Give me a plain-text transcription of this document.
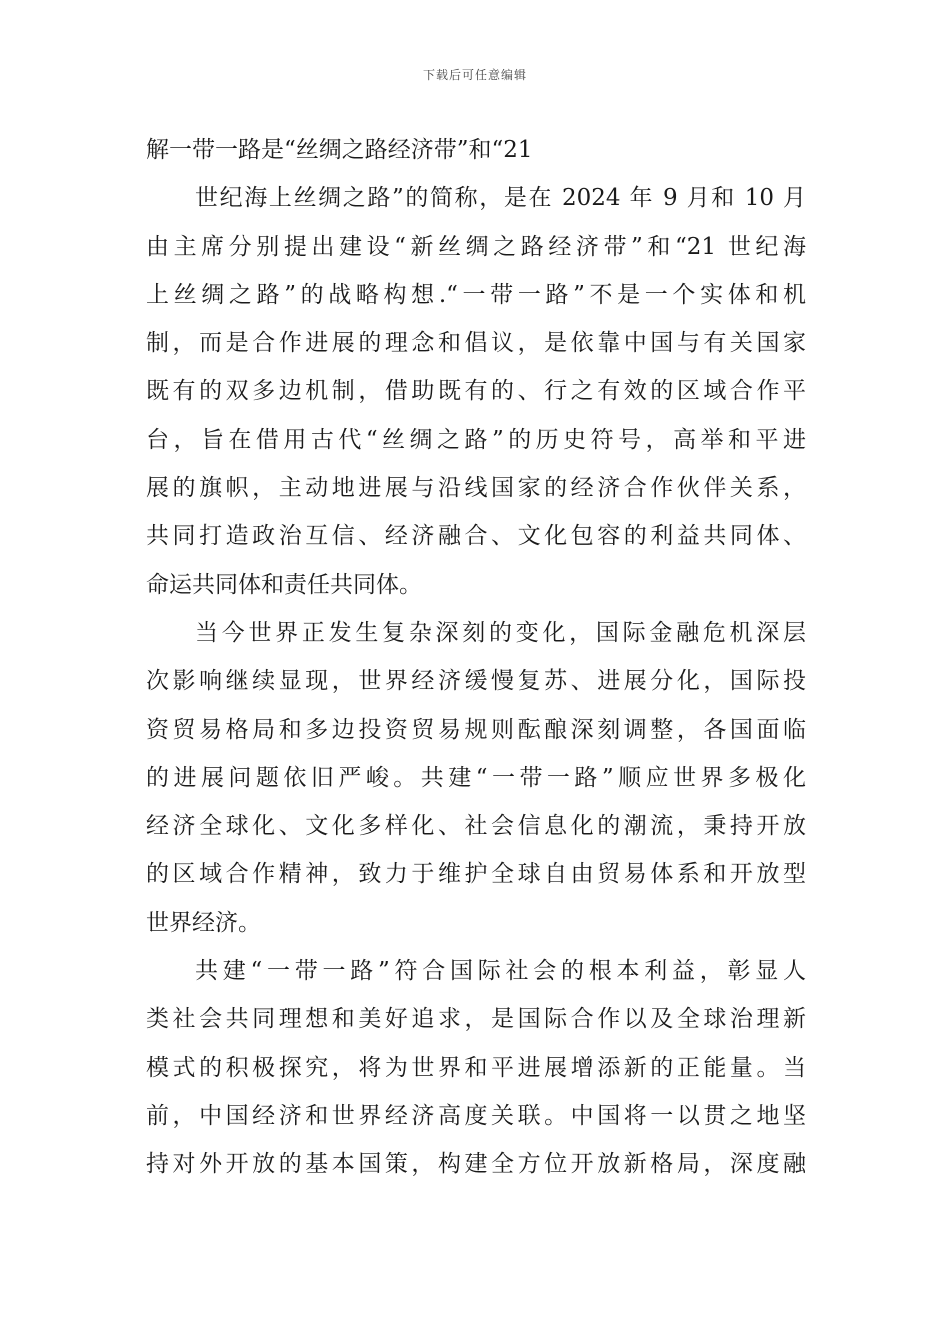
下载后可任意编辑
解一带一路是“丝绸之路经济带”和“21
世纪海上丝绸之路”的简称，是在 2024 年 9 月和 10 月
由主席分别提出建设“新丝绸之路经济带”和“21 世纪海
上丝绸之路”的战略构想.“一带一路”不是一个实体和机
制，而是合作进展的理念和倡议，是依靠中国与有关国家
既有的双多边机制，借助既有的、行之有效的区域合作平
台，旨在借用古代“丝绸之路”的历史符号，高举和平进
展的旗帜，主动地进展与沿线国家的经济合作伙伴关系，
共同打造政治互信、经济融合、文化包容的利益共同体、
命运共同体和责任共同体。
当今世界正发生复杂深刻的变化，国际金融危机深层
次影响继续显现，世界经济缓慢复苏、进展分化，国际投
资贸易格局和多边投资贸易规则酝酿深刻调整，各国面临
的进展问题依旧严峻。共建“一带一路”顺应世界多极化
经济全球化、文化多样化、社会信息化的潮流，秉持开放
的区域合作精神，致力于维护全球自由贸易体系和开放型
世界经济。
共建“一带一路”符合国际社会的根本利益，彰显人
类社会共同理想和美好追求，是国际合作以及全球治理新
模式的积极探究，将为世界和平进展增添新的正能量。当
前，中国经济和世界经济高度关联。中国将一以贯之地坚
持对外开放的基本国策，构建全方位开放新格局，深度融
